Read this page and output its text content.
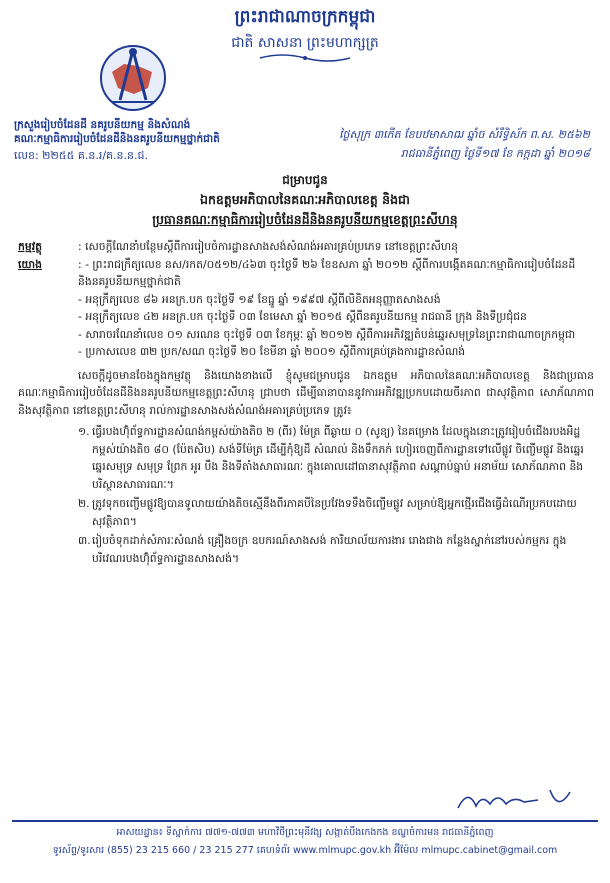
ព្រះរាជាណាចក្រកម្ពុជា
ជាតិ សាសនា ព្រះមហាក្សត្រ
ក្រសួងរៀបចំដែនដី នគរូបនីយកម្ម និងសំណង់
គណៈកម្មាធិការរៀបចំដែនដីនិងនគរូបនីយកម្មថ្នាក់ជាតិ
លេខ: ២២៥៥ គ.ន.រ/គ.ន.ន.ជ.
ថ្ងៃសុក្រ ៣កើត ខែបឋមាសាឍ ឆ្នាំច សំរឹទ្ធិស័ក ព.ស. ២៥៦២
រាជធានីភ្នំពេញ ថ្ងៃទី១៧ ខែ កក្កដា ឆ្នាំ ២០១៨
ជម្រាបជូន
ឯកឧត្តមអភិបាលនៃគណៈអភិបាលខេត្ត និងជា
ប្រធានគណៈកម្មាធិការរៀបចំដែនដីនិងនគរូបនីយកម្មខេត្តព្រះសីហនុ
កម្មវត្ថុ	: សេចក្តីណែនាំបន្ថែមស្តីពីការរៀបចំការដ្ឋានសាងសង់សំណង់អគារគ្រប់ប្រភេទ នៅខេត្តព្រះសីហនុ
យោង	: - ព្រះរាជក្រឹត្យលេខ នស/រកត/០៥១២/៤៦៣ ចុះថ្ងៃទី ២៦ ខែឧសភា ឆ្នាំ ២០១២ ស្តីពីការបង្កើតគណៈកម្មាធិការរៀបចំដែនដីនិងនគរូបនីយកម្មថ្នាក់ជាតិ
- អនុក្រឹត្យលេខ ៨៦ អនក្រ.បក ចុះថ្ងៃទី ១៩ ខែធ្នូ ឆ្នាំ ១៩៩៧ ស្តីពីលិខិតអនុញ្ញាតសាងសង់
- អនុក្រឹត្យលេខ ៤២ អនក្រ.បក ចុះថ្ងៃទី ០៣ ខែមេសា ឆ្នាំ ២០១៥ ស្តីពីនគរូបនីយកម្ម រាជធានី ក្រុង និងទីប្រជុំជន
- សារាចរណែនាំលេខ ០១ សរណន ចុះថ្ងៃទី ០៣ ខែកុម្ភៈ ឆ្នាំ ២០១២ ស្តីពីការអភិវឌ្ឍតំបន់ឆ្នេរសមុទ្រនៃព្រះរាជាណាចក្រកម្ពុជា
- ប្រកាសលេខ ៣២ ប្រក/សណ ចុះថ្ងៃទី ២០ ខែមីនា ឆ្នាំ ២០០១ ស្តីពីការគ្រប់គ្រងការដ្ឋានសំណង់
សេចក្តីដូចមានចែងក្នុងកម្មវត្ថុ និងយោងខាងលើ ខ្ញុំសូមជម្រាបជូន ឯកឧត្តម អភិបាលនៃគណៈអភិបាលខេត្ត និងជាប្រធានគណៈកម្មាធិការរៀបចំដែនដីនិងនគរូបនីយកម្មខេត្តព្រះសីហនុ ជ្រាបថា ដើម្បីធានាបាននូវការអភិវឌ្ឍប្រកបដោយចីរភាព ជាសុវត្ថិភាព សោភ័ណភាព និងសុវត្ថិភាព នៅខេត្តព្រះសីហនុ រាល់ការដ្ឋានសាងសង់សំណង់អគារគ្រប់ប្រភេទ ត្រូវ៖
១. ធ្វើរបងហ៊ុំព័ទ្ធការដ្ឋានសំណង់កម្ពស់យ៉ាងតិច ២ (ពីរ) ម៉ែត្រ ពីឆ្ងាយ ០ (សូន្យ) នៃគម្រោង ដែលក្នុងនោះត្រូវរៀបចំជើងរបងអិដ្ឋកម្ពស់យ៉ាងតិច ៨០ (ប៉ែតសិប) សង់ទីម៉ែត្រ ដើម្បីកុំឱ្យដី សំណល់ និងទឹកភក់ ហៀរចេញពីការដ្ឋានទៅលើផ្លូវ ចិញ្ចើមផ្លូវ និងឆ្នេរ ឆ្នេរសមុទ្រ សមុទ្រ ព្រែក អូរ បឹង និងទីតាំងសាធារណៈ ក្នុងគោលដៅធានាសុវត្ថិភាព សណ្តាប់ធ្នាប់ អនាម័យ សោភ័ណភាព និងបរិស្ថានសាធារណៈ។
២. ត្រូវទុកចញ្ចើមផ្លូវឱ្យបានទូលាយយ៉ាងតិចស្មើនឹងពីរភាគបីនៃប្រវែងទទឹងចិញ្ចើមផ្លូវ សម្រាប់ឱ្យអ្នកថ្មើរជើងធ្វើដំណើរប្រកបដោយសុវត្ថិភាព។
៣. រៀបចំទុកដាក់សំភារៈសំណង់ គ្រឿងចក្រ ឧបករណ៍សាងសង់ ការិយាល័យការងារ រោងជាង កន្លែងស្នាក់នៅរបស់កម្មករ ក្នុងបរិវេណរបងហ៊ុំព័ទ្ធការដ្ឋានសាងសង់។
អាសយដ្ឋាន៖ ទីស្នាក់ការ ៧៧១-៧៧៣ មហាវិថីព្រះមុនីវង្ស សង្កាត់បឹងកេងកង ខណ្ឌចំការមន រាជធានីភ្នំពេញ
ទូរស័ព្ទ/ទូរសារ (855) 23 215 660 / 23 215 277 គេហទំព័រ www.mlmupc.gov.kh អ៊ីម៉ែល mlmupc.cabinet@gmail.com
